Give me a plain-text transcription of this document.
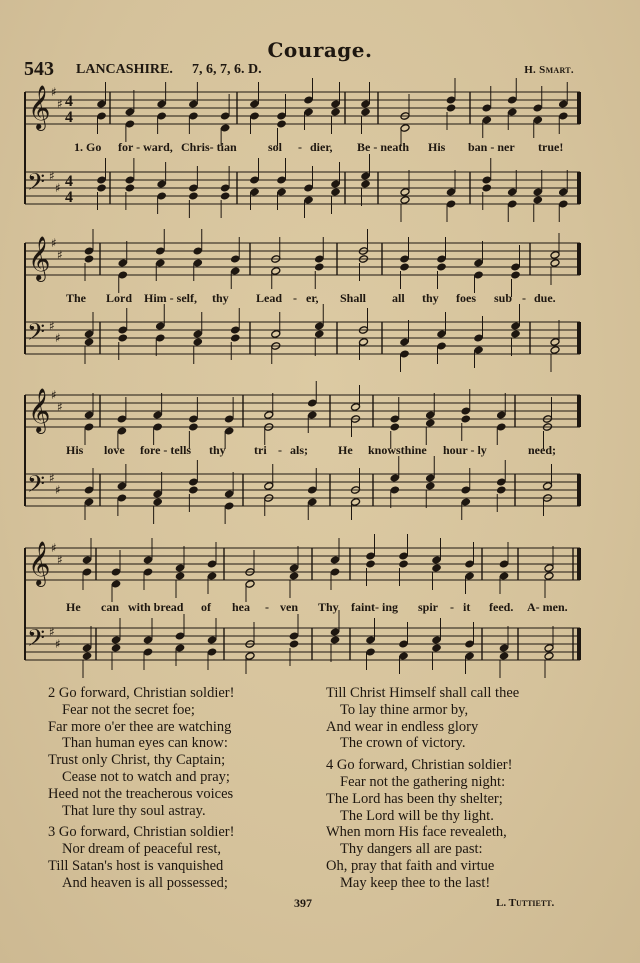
Courage.
543 LANCASHIRE. 7, 6, 7, 6. D.	H. Smart.
𝄞
𝄢
♯
♯
♯
♯
4
4
4
4
𝄞
𝄢
♯
♯
♯
♯
𝄞
𝄢
♯
♯
♯
♯
𝄞
𝄢
♯
♯
♯
♯
1. Go for - ward, Chris- tian	sol - dier, Be - neath His ban - ner true!
The Lord Him - self, thy Lead - er, Shall all thy foes sub - due.
His love fore - tells thy tri - als;	He knowsthine hour - ly	need;
He can with bread of hea - ven Thy faint- ing spir - it feed. A- men.
2 Go forward, Christian soldier!
Fear not the secret foe;
Far more o'er thee are watching
Than human eyes can know:
Trust only Christ, thy Captain;
Cease not to watch and pray;
Heed not the treacherous voices
That lure thy soul astray.
3 Go forward, Christian soldier!
Nor dream of peaceful rest,
Till Satan's host is vanquished
And heaven is all possessed;
Till Christ Himself shall call thee
To lay thine armor by,
And wear in endless glory
The crown of victory.
4 Go forward, Christian soldier!
Fear not the gathering night:
The Lord has been thy shelter;
The Lord will be thy light.
When morn His face revealeth,
Thy dangers all are past:
Oh, pray that faith and virtue
May keep thee to the last!
397	L. Tuttiett.
